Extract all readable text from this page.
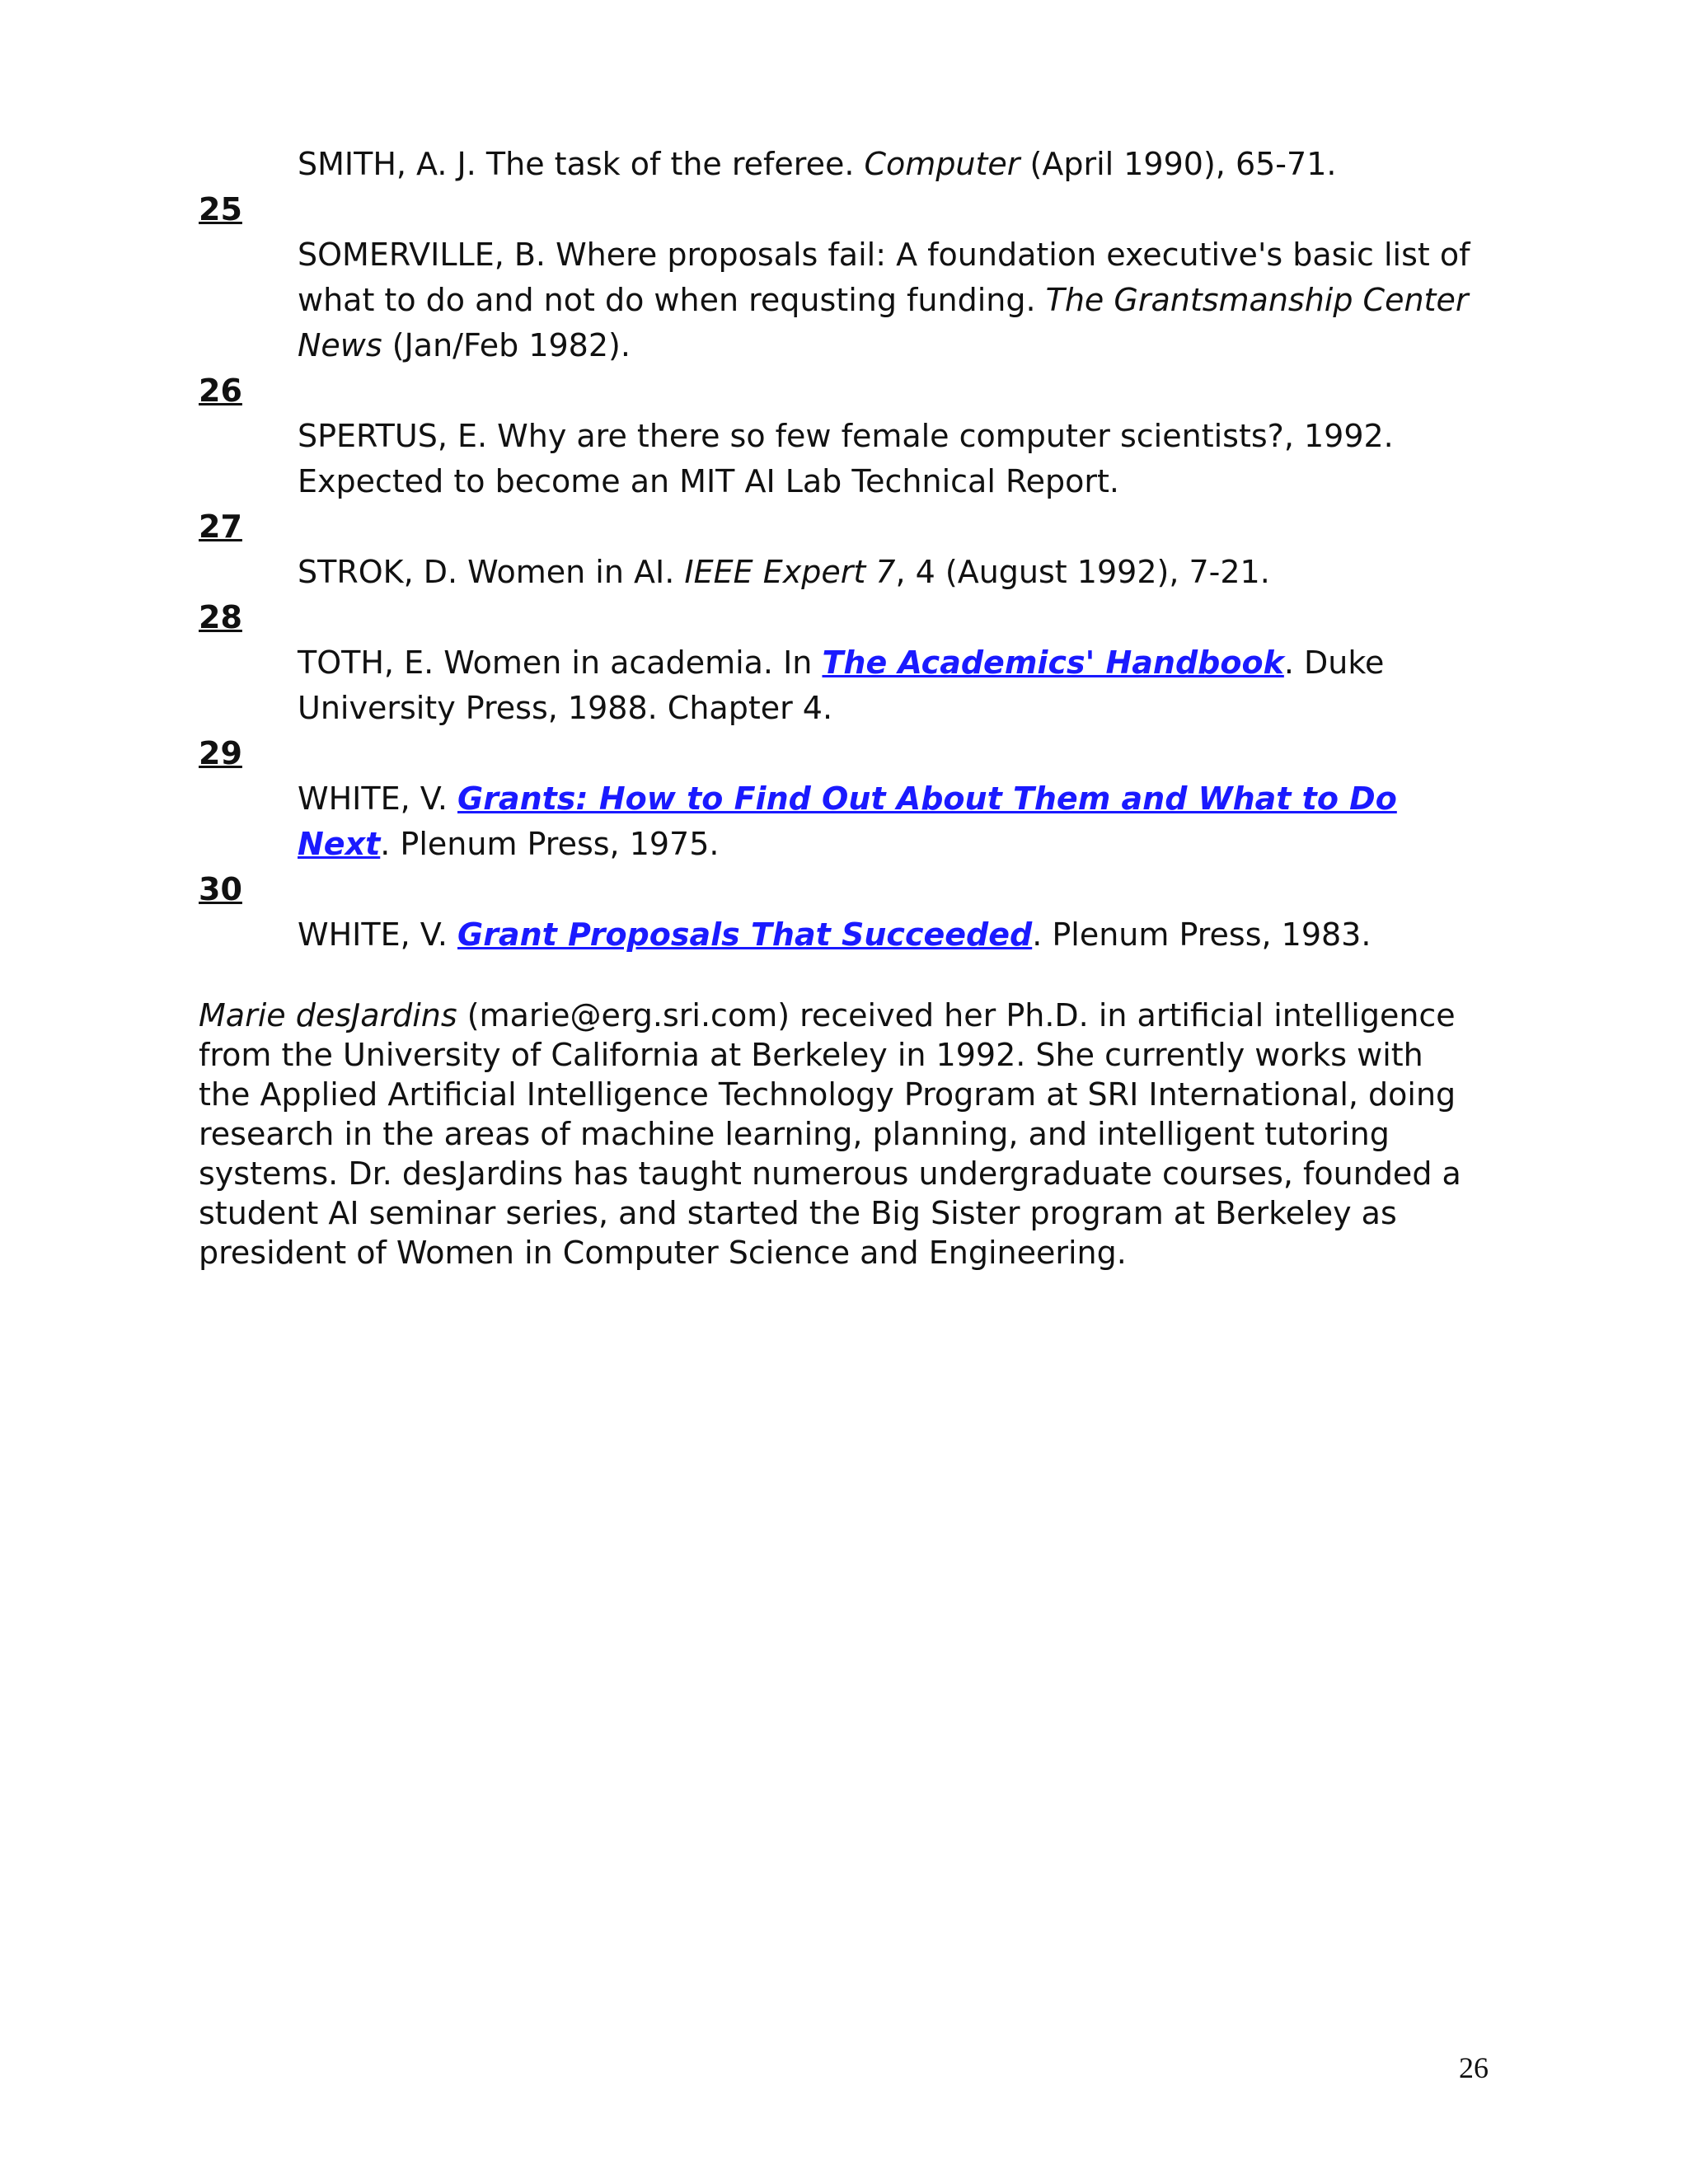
SMITH, A. J. The task of the referee. Computer (April 1990), 65-71.
25
SOMERVILLE, B. Where proposals fail: A foundation executive's basic list of what to do and not do when requsting funding. The Grantsmanship Center News (Jan/Feb 1982).
26
SPERTUS, E. Why are there so few female computer scientists?, 1992. Expected to become an MIT AI Lab Technical Report.
27
STROK, D. Women in AI. IEEE Expert 7, 4 (August 1992), 7-21.
28
TOTH, E. Women in academia. In The Academics' Handbook. Duke University Press, 1988. Chapter 4.
29
WHITE, V. Grants: How to Find Out About Them and What to Do Next. Plenum Press, 1975.
30
WHITE, V. Grant Proposals That Succeeded. Plenum Press, 1983.
Marie desJardins (marie@erg.sri.com) received her Ph.D. in artificial intelligence from the University of California at Berkeley in 1992. She currently works with the Applied Artificial Intelligence Technology Program at SRI International, doing research in the areas of machine learning, planning, and intelligent tutoring systems. Dr. desJardins has taught numerous undergraduate courses, founded a student AI seminar series, and started the Big Sister program at Berkeley as president of Women in Computer Science and Engineering.
26
